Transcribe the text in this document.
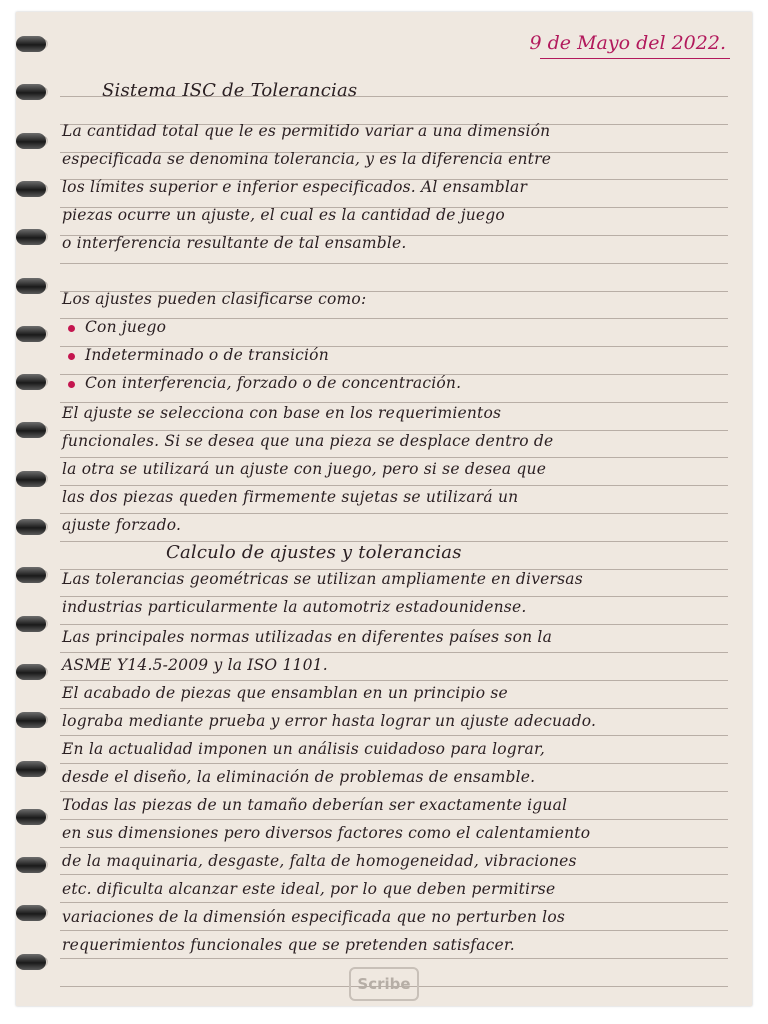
9 de Mayo del 2022.
Sistema ISC de Tolerancias
La cantidad total que le es permitido variar a una dimensión
especificada se denomina tolerancia, y es la diferencia entre
los límites superior e inferior especificados. Al ensamblar
piezas ocurre un ajuste, el cual es la cantidad de juego
o interferencia resultante de tal ensamble.
Los ajustes pueden clasificarse como:
Con juego
Indeterminado o de transición
Con interferencia, forzado o de concentración.
El ajuste se selecciona con base en los requerimientos
funcionales. Si se desea que una pieza se desplace dentro de
la otra se utilizará un ajuste con juego, pero si se desea que
las dos piezas queden firmemente sujetas se utilizará un
ajuste forzado.
Calculo de ajustes y tolerancias
Las tolerancias geométricas se utilizan ampliamente en diversas
industrias particularmente la automotriz estadounidense.
Las principales normas utilizadas en diferentes países son la
ASME Y14.5-2009 y la ISO 1101.
El acabado de piezas que ensamblan en un principio se
lograba mediante prueba y error hasta lograr un ajuste adecuado.
En la actualidad imponen un análisis cuidadoso para lograr,
desde el diseño, la eliminación de problemas de ensamble.
Todas las piezas de un tamaño deberían ser exactamente igual
en sus dimensiones pero diversos factores como el calentamiento
de la maquinaria, desgaste, falta de homogeneidad, vibraciones
etc. dificulta alcanzar este ideal, por lo que deben permitirse
variaciones de la dimensión especificada que no perturben los
requerimientos funcionales que se pretenden satisfacer.
Scribe
